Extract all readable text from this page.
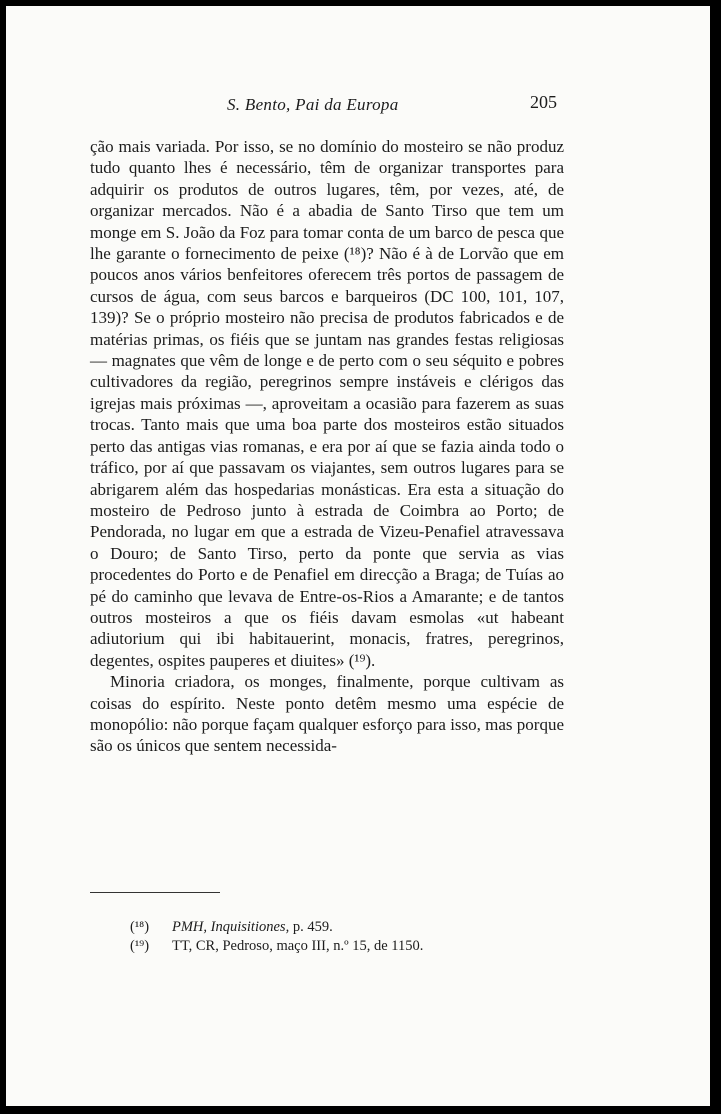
S. Bento, Pai da Europa	205

ção mais variada. Por isso, se no domínio do mosteiro se não produz tudo quanto lhes é necessário, têm de organizar transportes para adquirir os produtos de outros lugares, têm, por vezes, até, de organizar mercados. Não é a abadia de Santo Tirso que tem um monge em S. João da Foz para tomar conta de um barco de pesca que lhe garante o fornecimento de peixe (¹⁸)? Não é à de Lorvão que em poucos anos vários benfeitores oferecem três portos de passagem de cursos de água, com seus barcos e barqueiros (DC 100, 101, 107, 139)? Se o próprio mosteiro não precisa de produtos fabricados e de matérias primas, os fiéis que se juntam nas grandes festas religiosas — magnates que vêm de longe e de perto com o seu séquito e pobres cultivadores da região, peregrinos sempre instáveis e clérigos das igrejas mais próximas —, aproveitam a ocasião para fazerem as suas trocas. Tanto mais que uma boa parte dos mosteiros estão situados perto das antigas vias romanas, e era por aí que se fazia ainda todo o tráfico, por aí que passavam os viajantes, sem outros lugares para se abrigarem além das hospedarias monásticas. Era esta a situação do mosteiro de Pedroso junto à estrada de Coimbra ao Porto; de Pendorada, no lugar em que a estrada de Vizeu-Penafiel atravessava o Douro; de Santo Tirso, perto da ponte que servia as vias procedentes do Porto e de Penafiel em direcção a Braga; de Tuías ao pé do caminho que levava de Entre-os-Rios a Amarante; e de tantos outros mosteiros a que os fiéis davam esmolas «ut habeant adiutorium qui ibi habitauerint, monacis, fratres, peregrinos, degentes, ospites pauperes et diuites» (¹⁹).

Minoria criadora, os monges, finalmente, porque cultivam as coisas do espírito. Neste ponto detêm mesmo uma espécie de monopólio: não porque façam qualquer esforço para isso, mas porque são os únicos que sentem necessida-

(¹⁸) PMH, Inquisitiones, p. 459.
(¹⁹) TT, CR, Pedroso, maço III, n.º 15, de 1150.
